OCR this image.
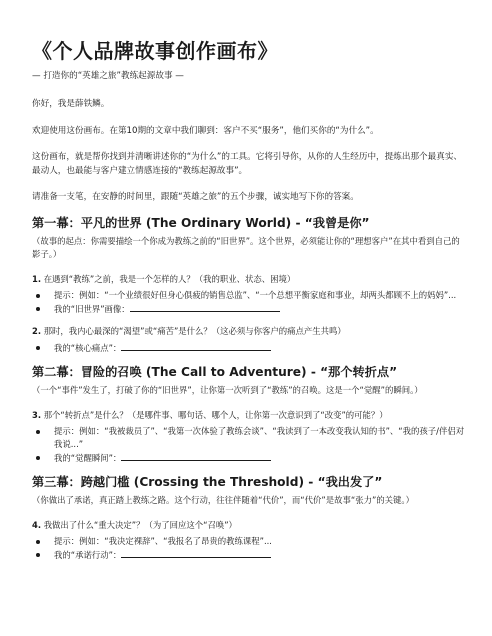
《个人品牌故事创作画布》
— 打造你的“英雄之旅”教练起源故事 —

你好，我是薛铁鳞。

欢迎使用这份画布。在第10期的文章中我们聊到：客户不买“服务”，他们买你的“为什么”。

这份画布，就是帮你找到并清晰讲述你的“为什么”的工具。它将引导你，从你的人生经历中，提炼出那个最真实、最动人，也最能与客户建立情感连接的“教练起源故事”。

请准备一支笔，在安静的时间里，跟随“英雄之旅”的五个步骤，诚实地写下你的答案。

第一幕：平凡的世界 (The Ordinary World) - “我曾是你”
（故事的起点：你需要描绘一个你成为教练之前的“旧世界”。这个世界，必须能让你的“理想客户”在其中看到自己的影子。）
1. 在遇到“教练”之前，我是一个怎样的人？（我的职业、状态、困境）
提示：例如：“一个业绩很好但身心俱疲的销售总监”、“一个总想平衡家庭和事业，却两头都顾不上的妈妈”...
我的“旧世界”画像：
2. 那时，我内心最深的“渴望”或“痛苦”是什么？（这必须与你客户的痛点产生共鸣）
我的“核心痛点”：
第二幕：冒险的召唤 (The Call to Adventure) - “那个转折点”
（一个“事件”发生了，打破了你的“旧世界”，让你第一次听到了“教练”的召唤。这是一个“觉醒”的瞬间。）
3. 那个“转折点”是什么？（是哪件事、哪句话、哪个人，让你第一次意识到了“改变”的可能？）
提示：例如：“我被裁员了”、“我第一次体验了教练会谈”、“我读到了一本改变我认知的书”、“我的孩子/伴侣对我说...”
我的“觉醒瞬间”：
第三幕：跨越门槛 (Crossing the Threshold) - “我出发了”
（你做出了承诺，真正踏上教练之路。这个行动，往往伴随着“代价”，而“代价”是故事“张力”的关键。）
4. 我做出了什么“重大决定”？（为了回应这个“召唤”）
提示：例如：“我决定裸辞”、“我报名了昂贵的教练课程”...
我的“承诺行动”：
